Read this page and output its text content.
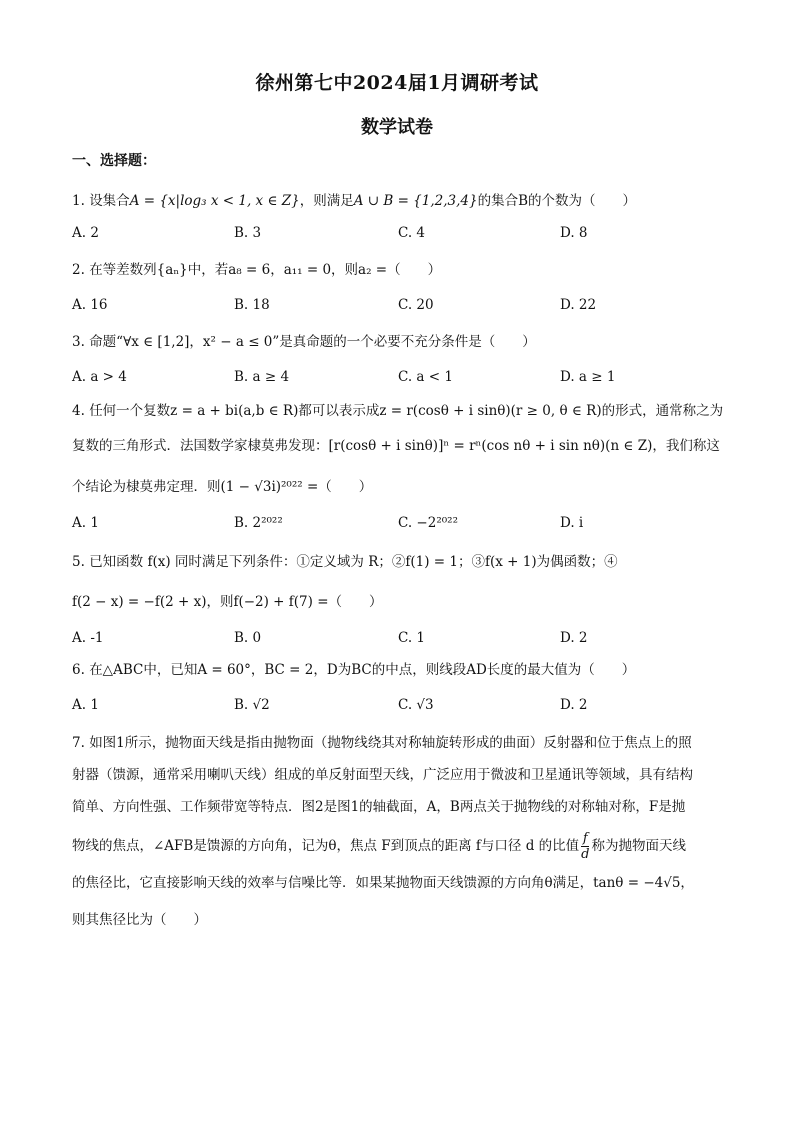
徐州第七中2024届1月调研考试
数学试卷
一、选择题：
1. 设集合A = {x|log₃ x < 1, x ∈ Z}，则满足A ∪ B = {1,2,3,4}的集合B的个数为（　　）
A. 2	B. 3	C. 4	D. 8
2. 在等差数列{aₙ}中，若a₈ = 6，a₁₁ = 0，则a₂ =（　　）
A. 16	B. 18	C. 20	D. 22
3. 命题“∀x ∈ [1,2]，x² − a ≤ 0”是真命题的一个必要不充分条件是（　　）
A. a > 4	B. a ≥ 4	C. a < 1	D. a ≥ 1
4. 任何一个复数z = a + bi(a,b ∈ R)都可以表示成z = r(cosθ + i sinθ)(r ≥ 0, θ ∈ R)的形式，通常称之为
复数的三角形式．法国数学家棣莫弗发现：[r(cosθ + i sinθ)]ⁿ = rⁿ(cos nθ + i sin nθ)(n ∈ Z)，我们称这
个结论为棣莫弗定理．则(1 − √3i)²⁰²² =（　　）
A. 1	B. 2²⁰²²	C. −2²⁰²²	D. i
5. 已知函数 f(x) 同时满足下列条件：①定义域为 R；②f(1) = 1；③f(x + 1)为偶函数；④
f(2 − x) = −f(2 + x)，则f(−2) + f(7) =（　　）
A. -1	B. 0	C. 1	D. 2
6. 在△ABC中，已知A = 60°，BC = 2，D为BC的中点，则线段AD长度的最大值为（　　）
A. 1	B. √2	C. √3	D. 2
7. 如图1所示，抛物面天线是指由抛物面（抛物线绕其对称轴旋转形成的曲面）反射器和位于焦点上的照
射器（馈源，通常采用喇叭天线）组成的单反射面型天线，广泛应用于微波和卫星通讯等领域，具有结构
简单、方向性强、工作频带宽等特点．图2是图1的轴截面，A，B两点关于抛物线的对称轴对称，F是抛
物线的焦点，∠AFB是馈源的方向角，记为θ，焦点 F到顶点的距离 f与口径 d 的比值 $\frac{f}{d}$ 称为抛物面天线
的焦径比，它直接影响天线的效率与信噪比等．如果某抛物面天线馈源的方向角θ满足，tanθ = −4√5，
则其焦径比为（　　）
